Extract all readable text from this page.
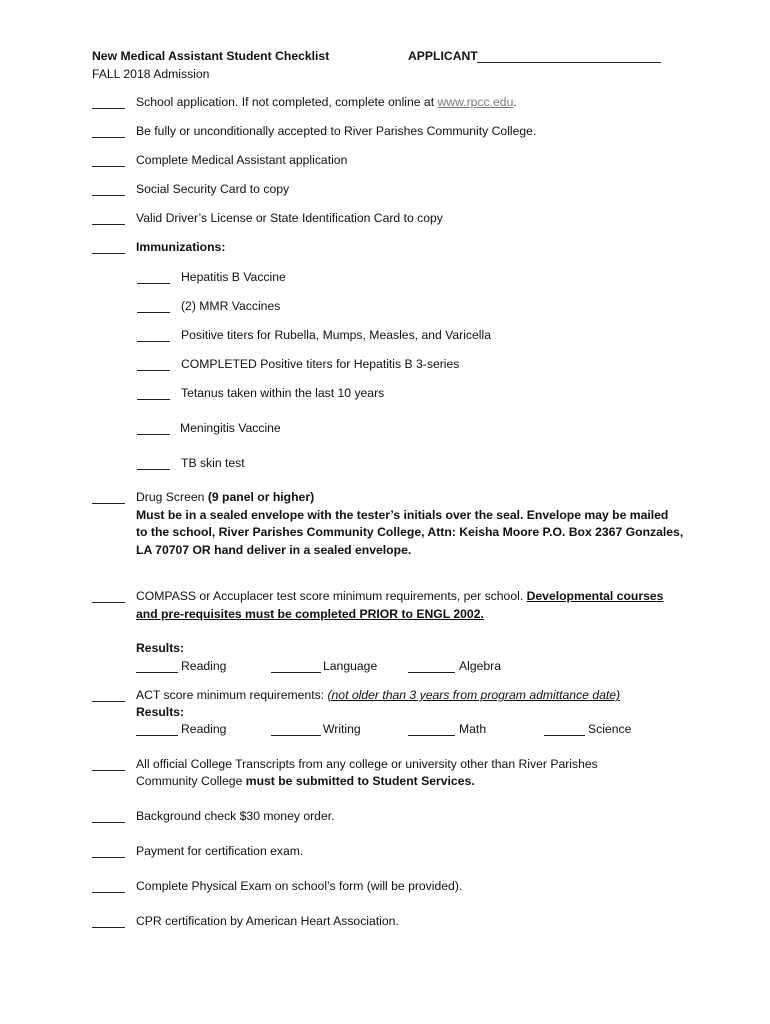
New Medical Assistant Student Checklist	APPLICANT
FALL 2018 Admission
School application. If not completed, complete online at www.rpcc.edu.
Be fully or unconditionally accepted to River Parishes Community College.
Complete Medical Assistant application
Social Security Card to copy
Valid Driver’s License or State Identification Card to copy
Immunizations:
Hepatitis B Vaccine
(2) MMR Vaccines
Positive titers for Rubella, Mumps, Measles, and Varicella
COMPLETED Positive titers for Hepatitis B 3-series
Tetanus taken within the last 10 years
Meningitis Vaccine
TB skin test
Drug Screen (9 panel or higher)
Must be in a sealed envelope with the tester’s initials over the seal. Envelope may be mailed
to the school, River Parishes Community College, Attn: Keisha Moore P.O. Box 2367 Gonzales,
LA 70707 OR hand deliver in a sealed envelope.
COMPASS or Accuplacer test score minimum requirements, per school. Developmental courses
and pre-requisites must be completed PRIOR to ENGL 2002.
Results:
Reading	Language	Algebra
ACT score minimum requirements: (not older than 3 years from program admittance date)
Results:
Reading	Writing	Math	Science
All official College Transcripts from any college or university other than River Parishes
Community College must be submitted to Student Services.
Background check $30 money order.
Payment for certification exam.
Complete Physical Exam on school’s form (will be provided).
CPR certification by American Heart Association.
